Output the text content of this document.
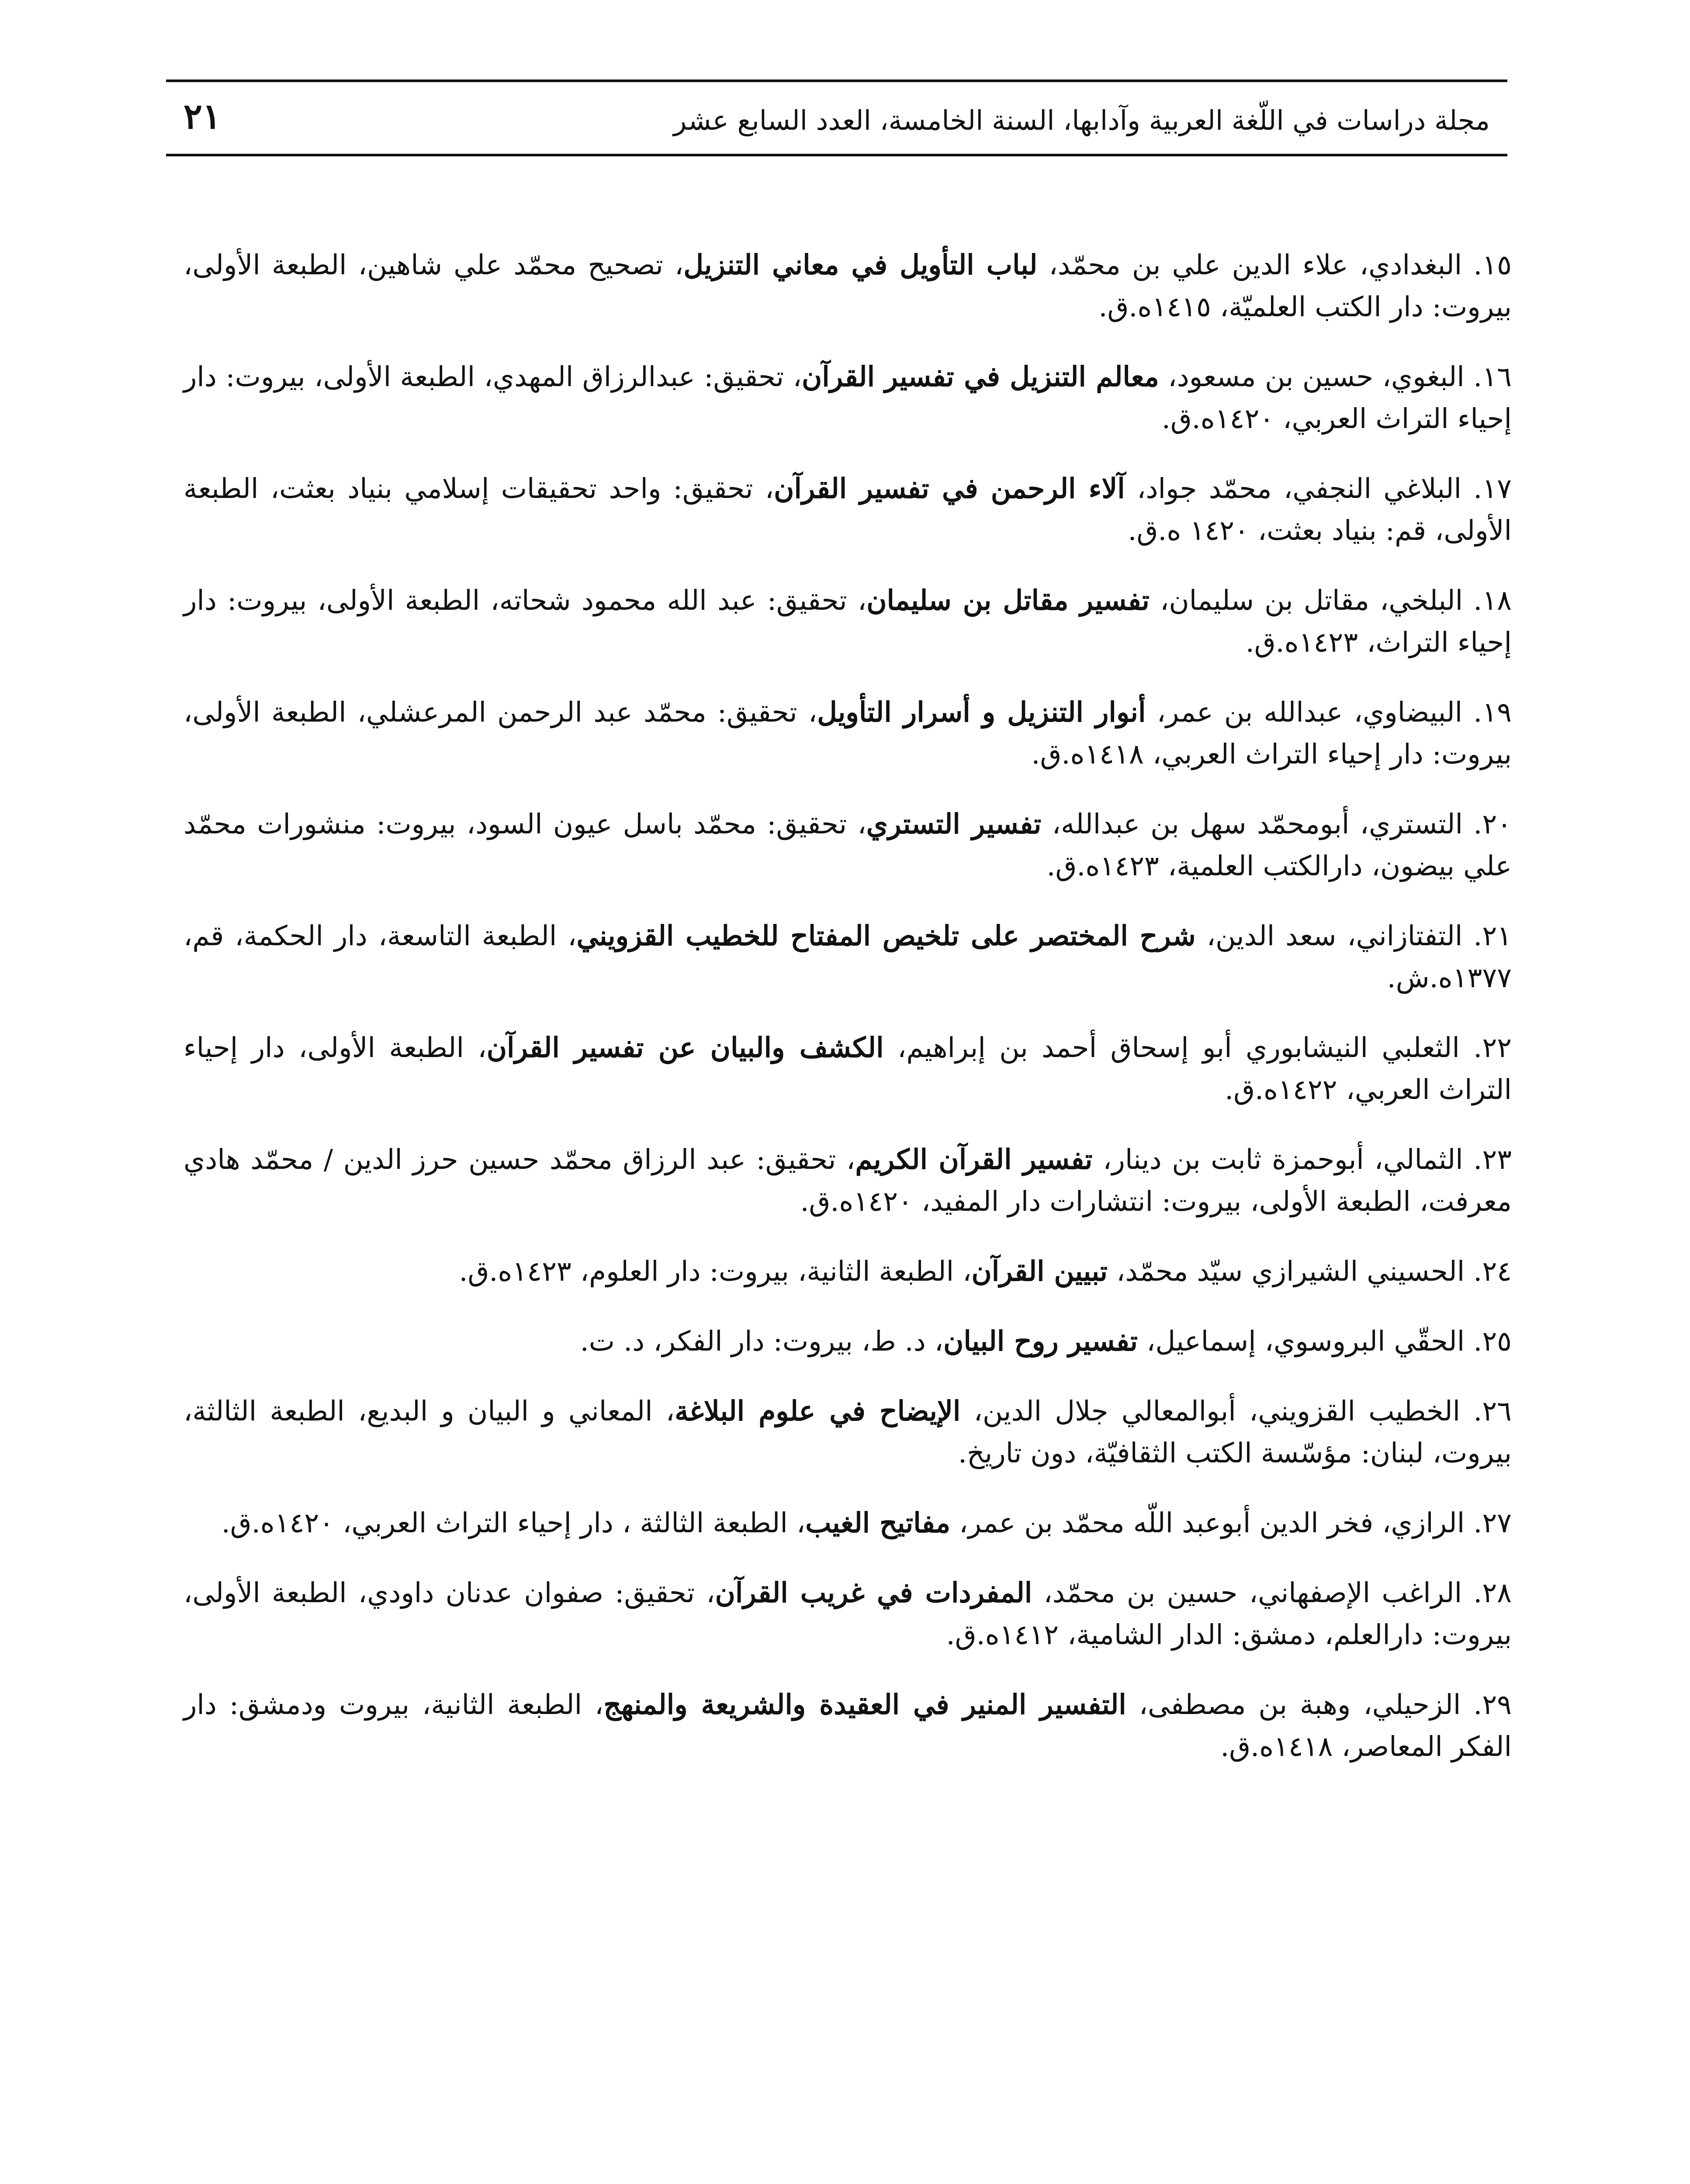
مجلة دراسات في اللّغة العربية وآدابها، السنة الخامسة، العدد السابع عشر
٢١

١٥. البغدادي، علاء الدين علي بن محمّد، لباب التأويل في معاني التنزيل، تصحيح محمّد علي شاهين، الطبعة الأولى، بيروت: دار الكتب العلميّة، ١٤١٥ه.ق.

١٦. البغوي، حسين بن مسعود، معالم التنزيل في تفسير القرآن، تحقيق: عبدالرزاق المهدي، الطبعة الأولى، بيروت: دار إحياء التراث العربي، ١٤٢٠ه.ق.

١٧. البلاغي النجفي، محمّد جواد، آلاء الرحمن في تفسير القرآن، تحقيق: واحد تحقيقات إسلامي بنياد بعثت، الطبعة الأولى، قم: بنياد بعثت، ١٤٢٠ ه.ق.

١٨. البلخي، مقاتل بن سليمان، تفسير مقاتل بن سليمان، تحقيق: عبد الله محمود شحاته، الطبعة الأولى، بيروت: دار إحياء التراث، ١٤٢٣ه.ق.

١٩. البيضاوي، عبدالله بن عمر، أنوار التنزيل و أسرار التأويل، تحقيق: محمّد عبد الرحمن المرعشلي، الطبعة الأولى، بيروت: دار إحياء التراث العربي، ١٤١٨ه.ق.

٢٠. التستري، أبومحمّد سهل بن عبدالله، تفسير التستري، تحقيق: محمّد باسل عيون السود، بيروت: منشورات محمّد علي بيضون، دارالكتب العلمية، ١٤٢٣ه.ق.

٢١. التفتازاني، سعد الدين، شرح المختصر على تلخيص المفتاح للخطيب القزويني، الطبعة التاسعة، دار الحكمة، قم، ١٣٧٧ه.ش.

٢٢. الثعلبي النيشابوري أبو إسحاق أحمد بن إبراهيم، الكشف والبيان عن تفسير القرآن، الطبعة الأولى، دار إحياء التراث العربي، ١٤٢٢ه.ق.

٢٣. الثمالي، أبوحمزة ثابت بن دينار، تفسير القرآن الكريم، تحقيق: عبد الرزاق محمّد حسين حرز الدين / محمّد هادي معرفت، الطبعة الأولى، بيروت: انتشارات دار المفيد، ١٤٢٠ه.ق.

٢٤. الحسيني الشيرازي سيّد محمّد، تبيين القرآن، الطبعة الثانية، بيروت: دار العلوم، ١٤٢٣ه.ق.

٢٥. الحقّي البروسوي، إسماعيل، تفسير روح البيان، د. ط، بيروت: دار الفكر، د. ت.

٢٦. الخطيب القزويني، أبوالمعالي جلال الدين، الإيضاح في علوم البلاغة، المعاني و البيان و البديع، الطبعة الثالثة، بيروت، لبنان: مؤسّسة الكتب الثقافيّة، دون تاريخ.

٢٧. الرازي، فخر الدين أبوعبد اللّه محمّد بن عمر، مفاتيح الغيب، الطبعة الثالثة ، دار إحياء التراث العربي، ١٤٢٠ه.ق.

٢٨. الراغب الإصفهاني، حسين بن محمّد، المفردات في غريب القرآن، تحقيق: صفوان عدنان داودي، الطبعة الأولى، بيروت: دارالعلم، دمشق: الدار الشامية، ١٤١٢ه.ق.

٢٩. الزحيلي، وهبة بن مصطفى، التفسير المنير في العقيدة والشريعة والمنهج، الطبعة الثانية، بيروت ودمشق: دار الفكر المعاصر، ١٤١٨ه.ق.
